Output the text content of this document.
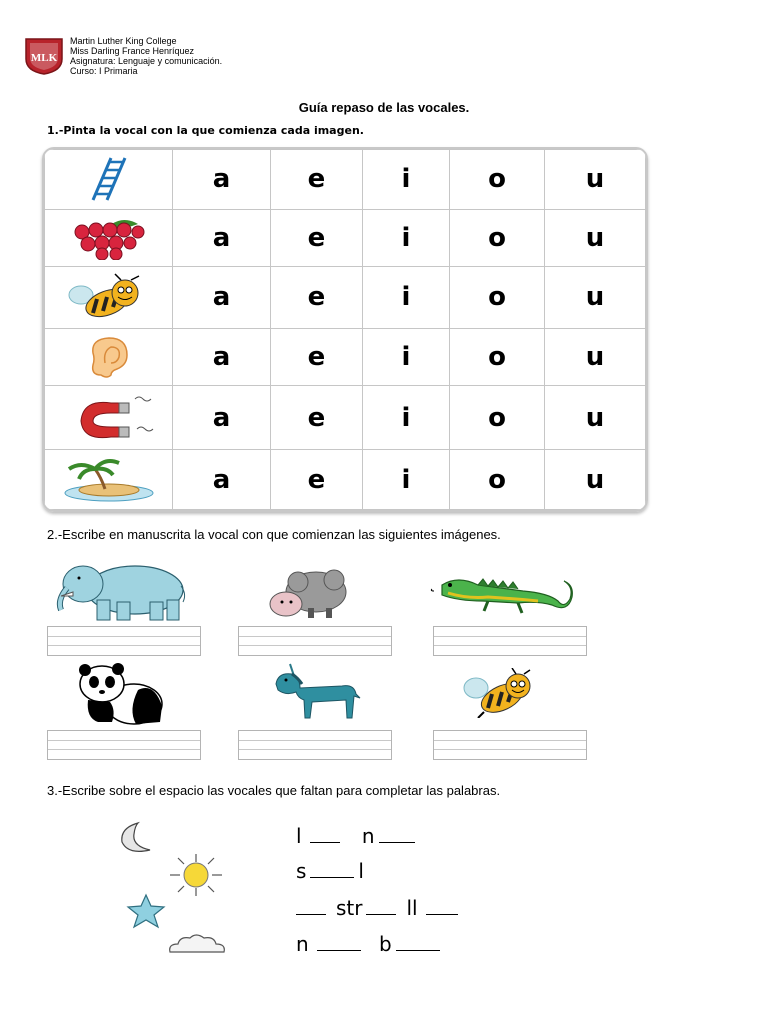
MLK
Martin Luther King College
Miss Darling France Henríquez
Asignatura: Lenguaje y comunicación.
Curso: I Primaria
Guía repaso de las vocales.
1.-Pinta la vocal con la que comienza cada imagen.
	a	e	i	o	u

	a	e	i	o	u

	a	e	i	o	u

	a	e	i	o	u

	a	e	i	o	u

	a	e	i	o	u
2.-Escribe en manuscrita la vocal con que comienzan las siguientes imágenes.
3.-Escribe sobre el espacio las vocales que faltan para completar las palabras.
l	n
s	l
str ll
n	b
